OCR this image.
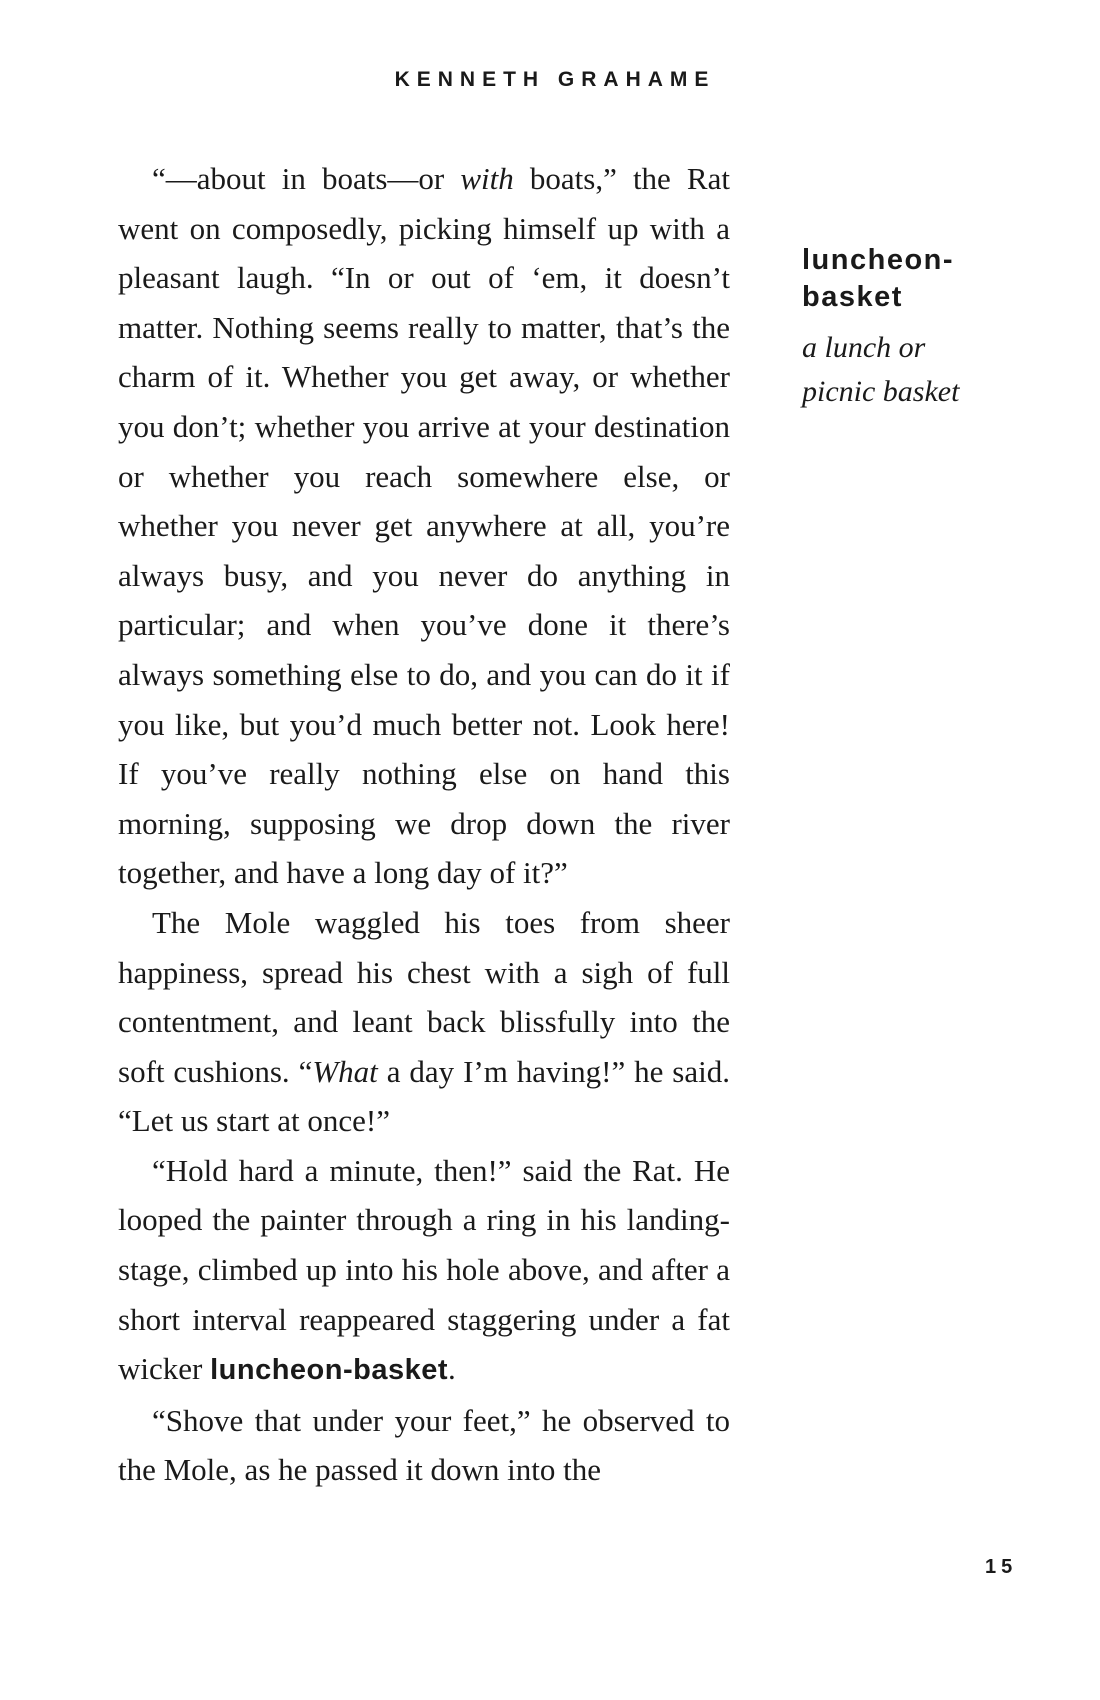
KENNETH GRAHAME

“—about in boats—or with boats,” the Rat went on composedly, picking himself up with a pleasant laugh. “In or out of ‘em, it doesn’t matter. Nothing seems really to matter, that’s the charm of it. Whether you get away, or whether you don’t; whether you arrive at your destination or whether you reach somewhere else, or whether you never get anywhere at all, you’re always busy, and you never do anything in particular; and when you’ve done it there’s always something else to do, and you can do it if you like, but you’d much better not. Look here! If you’ve really nothing else on hand this morning, supposing we drop down the river together, and have a long day of it?”

The Mole waggled his toes from sheer happiness, spread his chest with a sigh of full contentment, and leant back blissfully into the soft cushions. “What a day I’m having!” he said. “Let us start at once!”

“Hold hard a minute, then!” said the Rat. He looped the painter through a ring in his landing-stage, climbed up into his hole above, and after a short interval reappeared staggering under a fat wicker luncheon-basket.

“Shove that under your feet,” he observed to the Mole, as he passed it down into the

luncheon-
basket

a lunch or
picnic basket

15
